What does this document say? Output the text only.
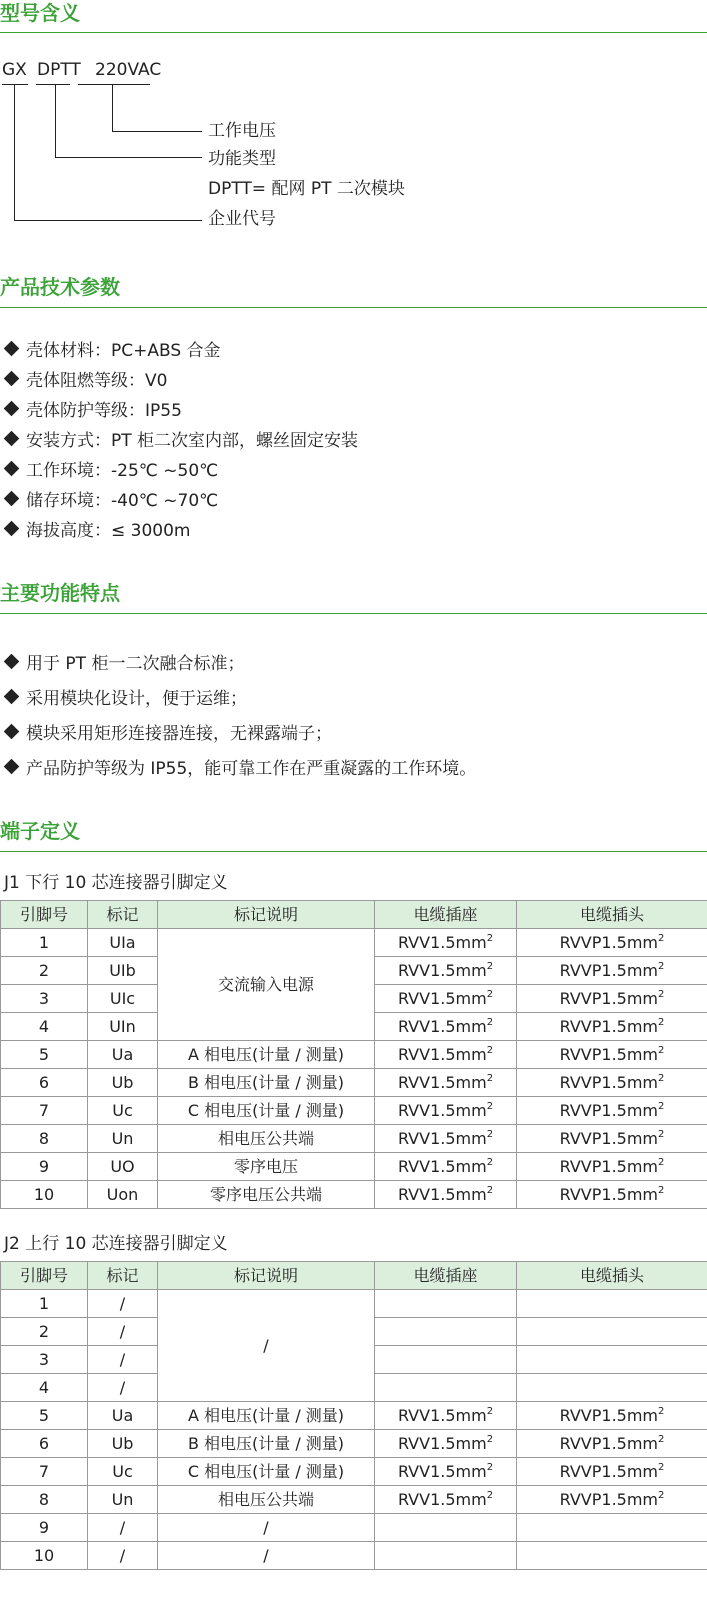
型号含义
GX DPTT 220VAC
工作电压
功能类型
DPTT= 配网 PT 二次模块
企业代号
产品技术参数
壳体材料：PC+ABS 合金
壳体阻燃等级：V0
壳体防护等级：IP55
安装方式：PT 柜二次室内部，螺丝固定安装
工作环境：-25℃ ~50℃
储存环境：-40℃ ~70℃
海拔高度：≤ 3000m
主要功能特点
用于 PT 柜一二次融合标准；
采用模块化设计，便于运维；
模块采用矩形连接器连接，无裸露端子；
产品防护等级为 IP55，能可靠工作在严重凝露的工作环境。
端子定义
J1 下行 10 芯连接器引脚定义
引脚号	标记	标记说明	电缆插座	电缆插头
1	UIa	交流输入电源	$RVV1.5mm^2$	$RVVP1.5mm^2$
2	UIb		$RVV1.5mm^2$	$RVVP1.5mm^2$
3	UIc		$RVV1.5mm^2$	$RVVP1.5mm^2$
4	UIn		$RVV1.5mm^2$	$RVVP1.5mm^2$
5	Ua	A 相电压(计量 / 测量)	$RVV1.5mm^2$	$RVVP1.5mm^2$
6	Ub	B 相电压(计量 / 测量)	$RVV1.5mm^2$	$RVVP1.5mm^2$
7	Uc	C 相电压(计量 / 测量)	$RVV1.5mm^2$	$RVVP1.5mm^2$
8	Un	相电压公共端	$RVV1.5mm^2$	$RVVP1.5mm^2$
9	UO	零序电压	$RVV1.5mm^2$	$RVVP1.5mm^2$
10	Uon	零序电压公共端	$RVV1.5mm^2$	$RVVP1.5mm^2$
J2 上行 10 芯连接器引脚定义
引脚号	标记	标记说明	电缆插座	电缆插头
1	/	/		
2	/			
3	/			
4	/			
5	Ua	A 相电压(计量 / 测量)	$RVV1.5mm^2$	$RVVP1.5mm^2$
6	Ub	B 相电压(计量 / 测量)	$RVV1.5mm^2$	$RVVP1.5mm^2$
7	Uc	C 相电压(计量 / 测量)	$RVV1.5mm^2$	$RVVP1.5mm^2$
8	Un	相电压公共端	$RVV1.5mm^2$	$RVVP1.5mm^2$
9	/	/		
10	/	/		
